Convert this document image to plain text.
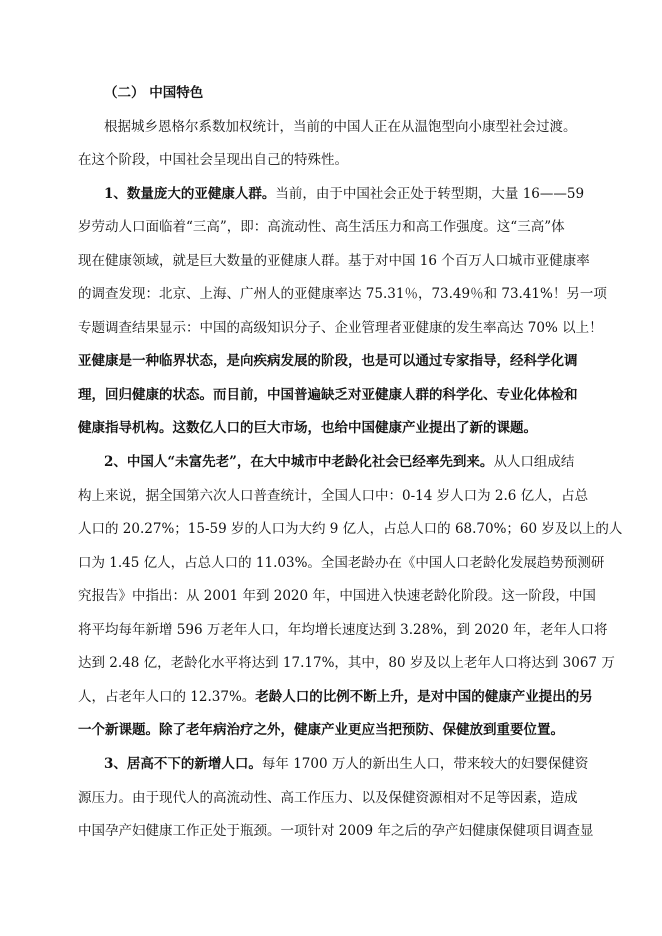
（二） 中国特色
根据城乡恩格尔系数加权统计，当前的中国人正在从温饱型向小康型社会过渡。
在这个阶段，中国社会呈现出自己的特殊性。
1、数量庞大的亚健康人群。当前，由于中国社会正处于转型期，大量 16——59
岁劳动人口面临着“三高”，即：高流动性、高生活压力和高工作强度。这“三高”体
现在健康领域，就是巨大数量的亚健康人群。基于对中国 16 个百万人口城市亚健康率
的调查发现：北京、上海、广州人的亚健康率达 75.31％，73.49％和 73.41%！另一项
专题调查结果显示：中国的高级知识分子、企业管理者亚健康的发生率高达 70% 以上！
亚健康是一种临界状态，是向疾病发展的阶段，也是可以通过专家指导，经科学化调
理，回归健康的状态。而目前，中国普遍缺乏对亚健康人群的科学化、专业化体检和
健康指导机构。这数亿人口的巨大市场，也给中国健康产业提出了新的课题。
2、中国人“未富先老”，在大中城市中老龄化社会已经率先到来。从人口组成结
构上来说，据全国第六次人口普查统计，全国人口中：0-14 岁人口为 2.6 亿人，占总
人口的 20.27%；15-59 岁的人口为大约 9 亿人，占总人口的 68.70%；60 岁及以上的人
口为 1.45 亿人，占总人口的 11.03%。全国老龄办在《中国人口老龄化发展趋势预测研
究报告》中指出：从 2001 年到 2020 年，中国进入快速老龄化阶段。这一阶段，中国
将平均每年新增 596 万老年人口，年均增长速度达到 3.28%，到 2020 年，老年人口将
达到 2.48 亿，老龄化水平将达到 17.17%，其中，80 岁及以上老年人口将达到 3067 万
人，占老年人口的 12.37%。老龄人口的比例不断上升，是对中国的健康产业提出的另
一个新课题。除了老年病治疗之外，健康产业更应当把预防、保健放到重要位置。
3、居高不下的新增人口。每年 1700 万人的新出生人口，带来较大的妇婴保健资
源压力。由于现代人的高流动性、高工作压力、以及保健资源相对不足等因素，造成
中国孕产妇健康工作正处于瓶颈。一项针对 2009 年之后的孕产妇健康保健项目调查显
